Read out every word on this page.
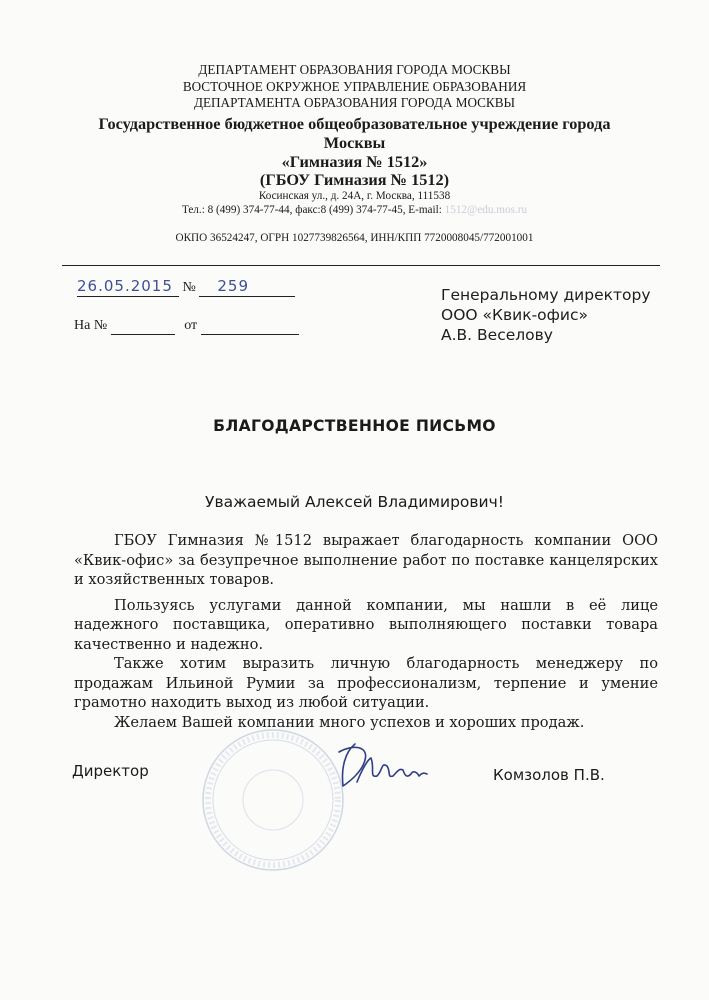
ДЕПАРТАМЕНТ ОБРАЗОВАНИЯ ГОРОДА МОСКВЫ
ВОСТОЧНОЕ ОКРУЖНОЕ УПРАВЛЕНИЕ ОБРАЗОВАНИЯ
ДЕПАРТАМЕНТА ОБРАЗОВАНИЯ ГОРОДА МОСКВЫ
Государственное бюджетное общеобразовательное учреждение города
Москвы
«Гимназия № 1512»
(ГБОУ Гимназия № 1512)
Косинская ул., д. 24А, г. Москва, 111538
Тел.: 8 (499) 374-77-44, факс:8 (499) 374-77-45, E-mail: 1512@edu.mos.ru
ОКПО 36524247, ОГРН 1027739826564, ИНН/КПП 7720008045/772001001
26.05.2015 № 259
На №	от
Генеральному директору
ООО «Квик-офис»
А.В. Веселову
БЛАГОДАРСТВЕННОЕ ПИСЬМО
Уважаемый Алексей Владимирович!

ГБОУ Гимназия №1512 выражает благодарность компании ООО «Квик-офис» за безупречное выполнение работ по поставке канцелярских и хозяйственных товаров.

Пользуясь услугами данной компании, мы нашли в её лице надежного поставщика, оперативно выполняющего поставки товара качественно и надежно.

Также хотим выразить личную благодарность менеджеру по продажам Ильиной Румии за профессионализм, терпение и умение грамотно находить выход из любой ситуации.

Желаем Вашей компании много успехов и хороших продаж.

Директор	Комзолов П.В.
